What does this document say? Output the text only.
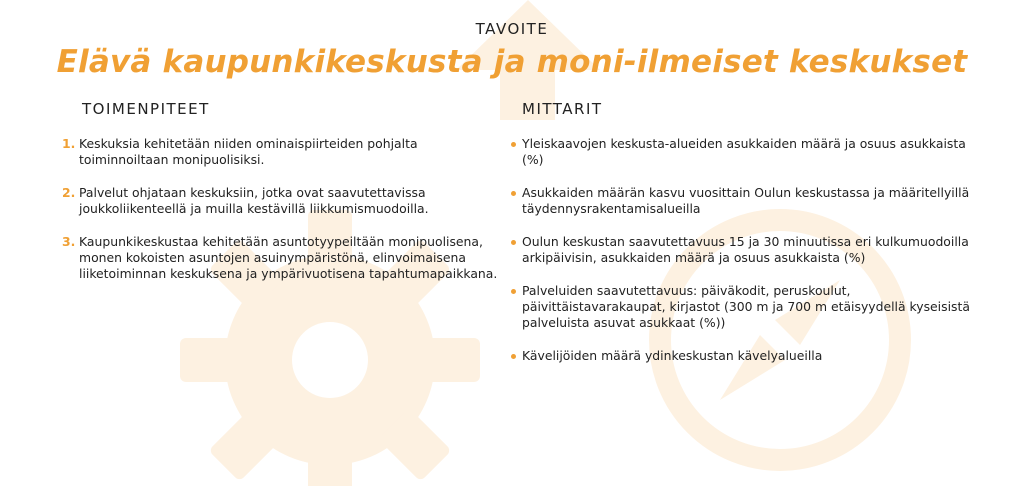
TAVOITE
Elävä kaupunkikeskusta ja moni-ilmeiset keskukset
TOIMENPITEET	MITTARIT
1. Keskuksia kehitetään niiden ominaispiirteiden pohjalta toiminnoiltaan monipuolisiksi.
2. Palvelut ohjataan keskuksiin, jotka ovat saavutettavissa joukkoliikenteellä ja muilla kestävillä liikkumismuodoilla.
3. Kaupunkikeskustaa kehitetään asuntotyypeiltään monipuolisena, monen kokoisten asuntojen asuinympäristönä, elinvoimaisena liiketoiminnan keskuksena ja ympärivuotisena tapahtumapaikkana.
Yleiskaavojen keskusta-alueiden asukkaiden määrä ja osuus asukkaista (%)
Asukkaiden määrän kasvu vuosittain Oulun keskustassa ja määritellyillä täydennysrakentamisalueilla
Oulun keskustan saavutettavuus 15 ja 30 minuutissa eri kulkumuodoilla arkipäivisin, asukkaiden määrä ja osuus asukkaista (%)
Palveluiden saavutettavuus: päiväkodit, peruskoulut, päivittäistavarakaupat, kirjastot (300 m ja 700 m etäisyydellä kyseisistä palveluista asuvat asukkaat (%))
Kävelijöiden määrä ydinkeskustan kävelyalueilla
